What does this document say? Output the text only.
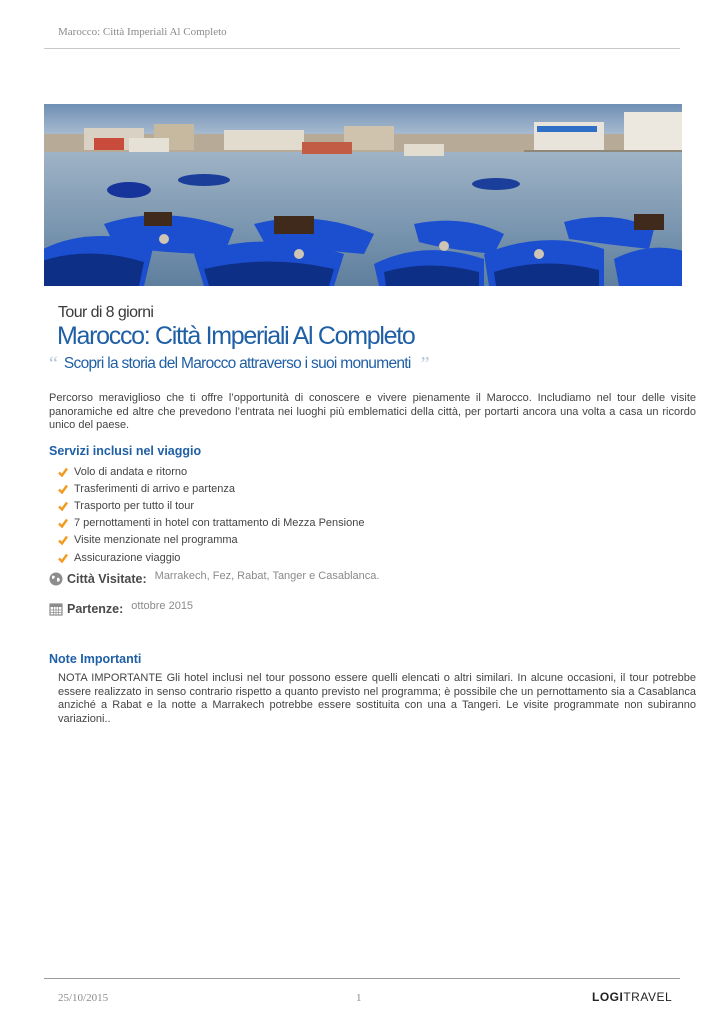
Marocco: Città Imperiali Al Completo
Tour di 8 giorni
Marocco: Città Imperiali Al Completo
“ Scopri la storia del Marocco attraverso i suoi monumenti ”
Percorso meraviglioso che ti offre l’opportunità di conoscere e vivere pienamente il Marocco. Includiamo nel tour delle visite panoramiche ed altre che prevedono l’entrata nei luoghi più emblematici della città, per portarti ancora una volta a casa un ricordo unico del paese.
Servizi inclusi nel viaggio
Volo di andata e ritorno
Trasferimenti di arrivo e partenza
Trasporto per tutto il tour
7 pernottamenti in hotel con trattamento di Mezza Pensione
Visite menzionate nel programma
Assicurazione viaggio
Città Visitate: Marrakech, Fez, Rabat, Tanger e Casablanca.
Partenze: ottobre 2015
Note Importanti
NOTA IMPORTANTE Gli hotel inclusi nel tour possono essere quelli elencati o altri similari. In alcune occasioni, il tour potrebbe essere realizzato in senso contrario rispetto a quanto previsto nel programma; è possibile che un pernottamento sia a Casablanca anziché a Rabat e la notte a Marrakech potrebbe essere sostituita con una a Tangeri. Le visite programmate non subiranno variazioni..
25/10/2015	1	LOGITRAVEL
